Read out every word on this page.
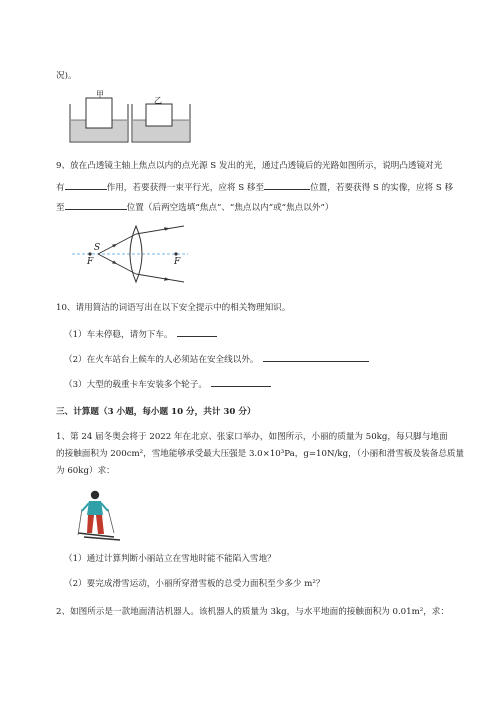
况)。
甲
乙
9、放在凸透镜主轴上焦点以内的点光源 S 发出的光，通过凸透镜后的光路如图所示，说明凸透镜对光
有	作用，若要获得一束平行光，应将 S 移至	位置，若要获得 S 的实像，应将 S 移
至	位置（后两空选填“焦点”、“焦点以内”或“焦点以外”）
S
F	F
10、请用简洁的词语写出在以下安全提示中的相关物理知识。
（1）车未停稳，请勿下车。
（2）在火车站台上候车的人必须站在安全线以外。
（3）大型的载重卡车安装多个轮子。
三、计算题（3 小题，每小题 10 分，共计 30 分）
1、第 24 届冬奥会将于 2022 年在北京、张家口举办，如图所示，小丽的质量为 50kg，每只脚与地面
的接触面积为 200cm²，雪地能够承受最大压强是 3.0×10³Pa，g=10N/kg，（小丽和滑雪板及装备总质量
为 60kg）求：
（1）通过计算判断小丽站立在雪地时能不能陷入雪地？
（2）要完成滑雪运动，小丽所穿滑雪板的总受力面积至少多少 m²？
2、如图所示是一款地面清洁机器人。该机器人的质量为 3kg，与水平地面的接触面积为 0.01m²，求：
